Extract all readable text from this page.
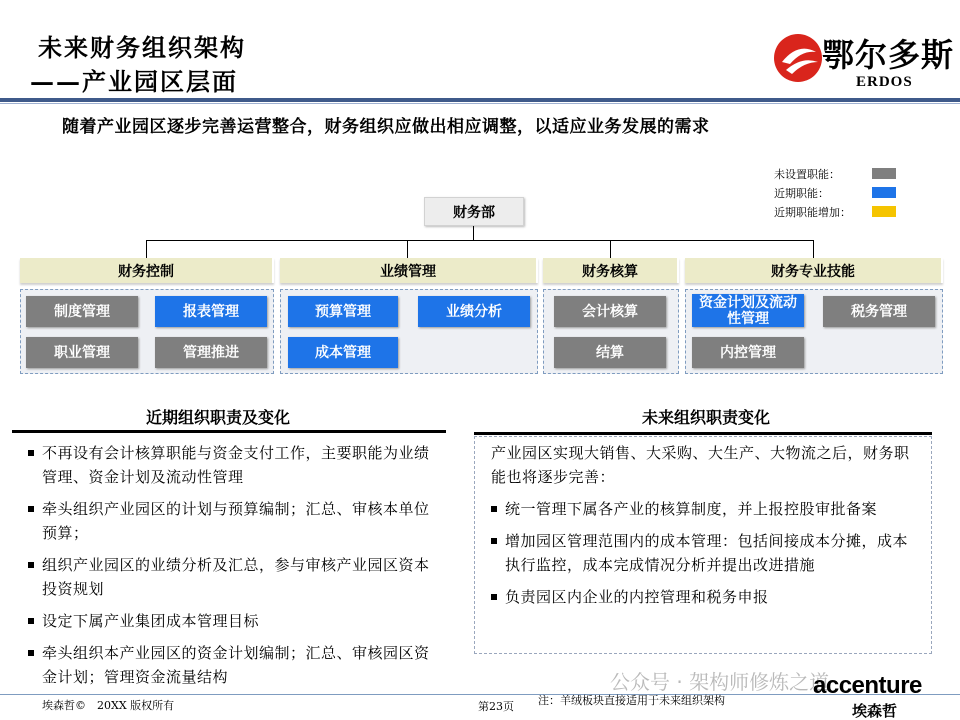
未来财务组织架构
——产业园区层面
鄂尔多斯
ERDOS
随着产业园区逐步完善运营整合，财务组织应做出相应调整，以适应业务发展的需求
未设置职能：
近期职能：
近期职能增加：
财务部
财务控制	业绩管理	财务核算	财务专业技能
制度管理	报表管理
职业管理	管理推进
预算管理	业绩分析
成本管理
会计核算
结算
资金计划及流动性管理	税务管理
内控管理
近期组织职责及变化
不再设有会计核算职能与资金支付工作，主要职能为业绩管理、资金计划及流动性管理
牵头组织产业园区的计划与预算编制；汇总、审核本单位预算；
组织产业园区的业绩分析及汇总，参与审核产业园区资本投资规划
设定下属产业集团成本管理目标
牵头组织本产业园区的资金计划编制；汇总、审核园区资金计划；管理资金流量结构
未来组织职责变化
产业园区实现大销售、大采购、大生产、大物流之后，财务职能也将逐步完善：
统一管理下属各产业的核算制度，并上报控股审批备案
增加园区管理范围内的成本管理：包括间接成本分摊，成本执行监控，成本完成情况分析并提出改进措施
负责园区内企业的内控管理和税务申报
埃森哲©　20XX 版权所有	第23页 注：羊绒板块直接适用于未来组织架构
公众号 · 架构师修炼之道
accenture
埃森哲
